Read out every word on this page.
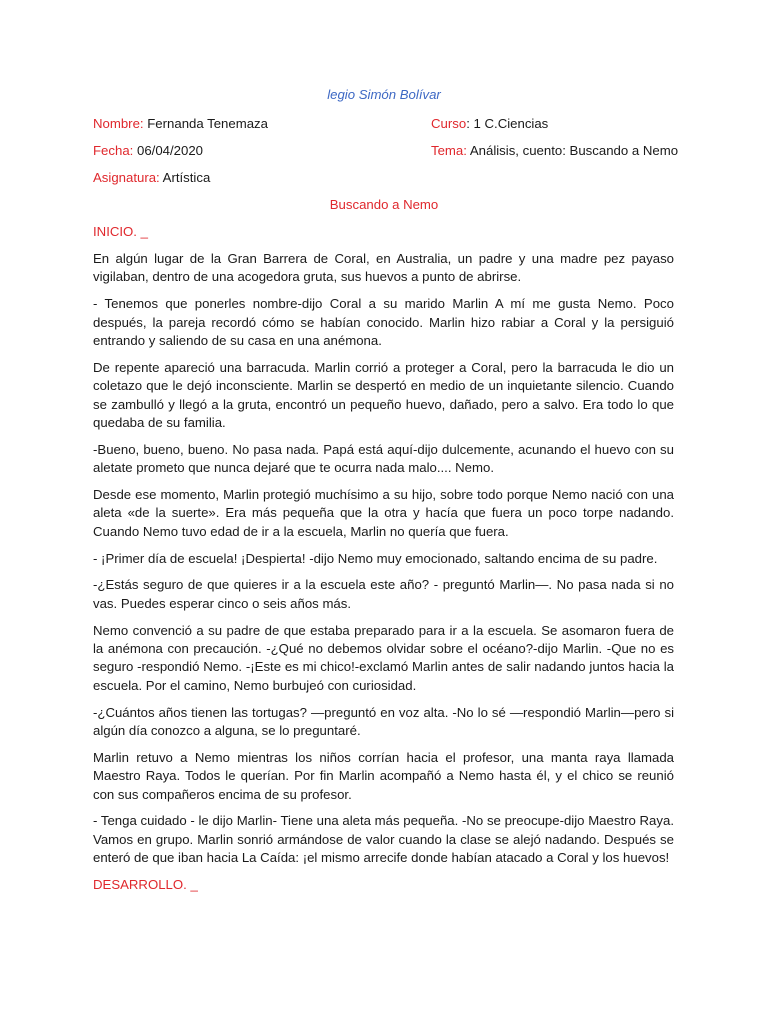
legio Simón Bolívar
Nombre: Fernanda Tenemaza	Curso: 1 C.Ciencias
Fecha: 06/04/2020	Tema: Análisis, cuento: Buscando a Nemo
Asignatura: Artística
Buscando a Nemo
INICIO. _

En algún lugar de la Gran Barrera de Coral, en Australia, un padre y una madre pez payaso vigilaban, dentro de una acogedora gruta, sus huevos a punto de abrirse.

- Tenemos que ponerles nombre-dijo Coral a su marido Marlin A mí me gusta Nemo. Poco después, la pareja recordó cómo se habían conocido. Marlin hizo rabiar a Coral y la persiguió entrando y saliendo de su casa en una anémona.

De repente apareció una barracuda. Marlin corrió a proteger a Coral, pero la barracuda le dio un coletazo que le dejó inconsciente. Marlin se despertó en medio de un inquietante silencio. Cuando se zambulló y llegó a la gruta, encontró un pequeño huevo, dañado, pero a salvo. Era todo lo que quedaba de su familia.

-Bueno, bueno, bueno. No pasa nada. Papá está aquí-dijo dulcemente, acunando el huevo con su aletate prometo que nunca dejaré que te ocurra nada malo.... Nemo.

Desde ese momento, Marlin protegió muchísimo a su hijo, sobre todo porque Nemo nació con una aleta «de la suerte». Era más pequeña que la otra y hacía que fuera un poco torpe nadando. Cuando Nemo tuvo edad de ir a la escuela, Marlin no quería que fuera.

- ¡Primer día de escuela! ¡Despierta! -dijo Nemo muy emocionado, saltando encima de su padre.

-¿Estás seguro de que quieres ir a la escuela este año? - preguntó Marlin—. No pasa nada si no vas. Puedes esperar cinco o seis años más.

Nemo convenció a su padre de que estaba preparado para ir a la escuela. Se asomaron fuera de la anémona con precaución. -¿Qué no debemos olvidar sobre el océano?-dijo Marlin. -Que no es seguro -respondió Nemo. -¡Este es mi chico!-exclamó Marlin antes de salir nadando juntos hacia la escuela. Por el camino, Nemo burbujeó con curiosidad.

-¿Cuántos años tienen las tortugas? —preguntó en voz alta. -No lo sé —respondió Marlin—pero si algún día conozco a alguna, se lo preguntaré.

Marlin retuvo a Nemo mientras los niños corrían hacia el profesor, una manta raya llamada Maestro Raya. Todos le querían. Por fin Marlin acompañó a Nemo hasta él, y el chico se reunió con sus compañeros encima de su profesor.

- Tenga cuidado - le dijo Marlin- Tiene una aleta más pequeña. -No se preocupe-dijo Maestro Raya. Vamos en grupo. Marlin sonrió armándose de valor cuando la clase se alejó nadando. Después se enteró de que iban hacia La Caída: ¡el mismo arrecife donde habían atacado a Coral y los huevos!

DESARROLLO. _
